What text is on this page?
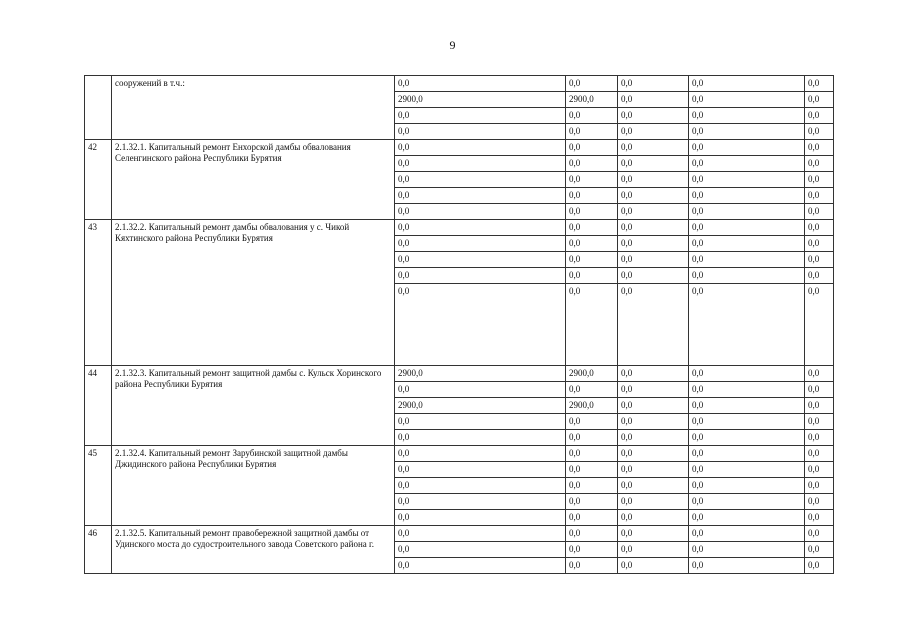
9
	сооружений в т.ч.:	0,0	0,0	0,0	0,0	0,0
		2900,0	2900,0	0,0	0,0	0,0
		0,0	0,0	0,0	0,0	0,0
		0,0	0,0	0,0	0,0	0,0
42	2.1.32.1. Капитальный ремонт Енхорской дамбы обвалования Селенгинского района Республики Бурятия	0,0	0,0	0,0	0,0	0,0
		0,0	0,0	0,0	0,0	0,0
		0,0	0,0	0,0	0,0	0,0
		0,0	0,0	0,0	0,0	0,0
		0,0	0,0	0,0	0,0	0,0
43	2.1.32.2. Капитальный ремонт дамбы обвалования у с. Чикой Кяхтинского района Республики Бурятия	0,0	0,0	0,0	0,0	0,0
		0,0	0,0	0,0	0,0	0,0
		0,0	0,0	0,0	0,0	0,0
		0,0	0,0	0,0	0,0	0,0
		0,0	0,0	0,0	0,0	0,0
44	2.1.32.3. Капитальный ремонт защитной дамбы с. Кульск Хоринского района Республики Бурятия	2900,0	2900,0	0,0	0,0	0,0
		0,0	0,0	0,0	0,0	0,0
		2900,0	2900,0	0,0	0,0	0,0
		0,0	0,0	0,0	0,0	0,0
		0,0	0,0	0,0	0,0	0,0
45	2.1.32.4. Капитальный ремонт Зарубинской защитной дамбы Джидинского района Республики Бурятия	0,0	0,0	0,0	0,0	0,0
		0,0	0,0	0,0	0,0	0,0
		0,0	0,0	0,0	0,0	0,0
		0,0	0,0	0,0	0,0	0,0
		0,0	0,0	0,0	0,0	0,0
46	2.1.32.5. Капитальный ремонт правобережной защитной дамбы от Удинского моста до судостроительного завода Советского района г.	0,0	0,0	0,0	0,0	0,0
		0,0	0,0	0,0	0,0	0,0
		0,0	0,0	0,0	0,0	0,0
